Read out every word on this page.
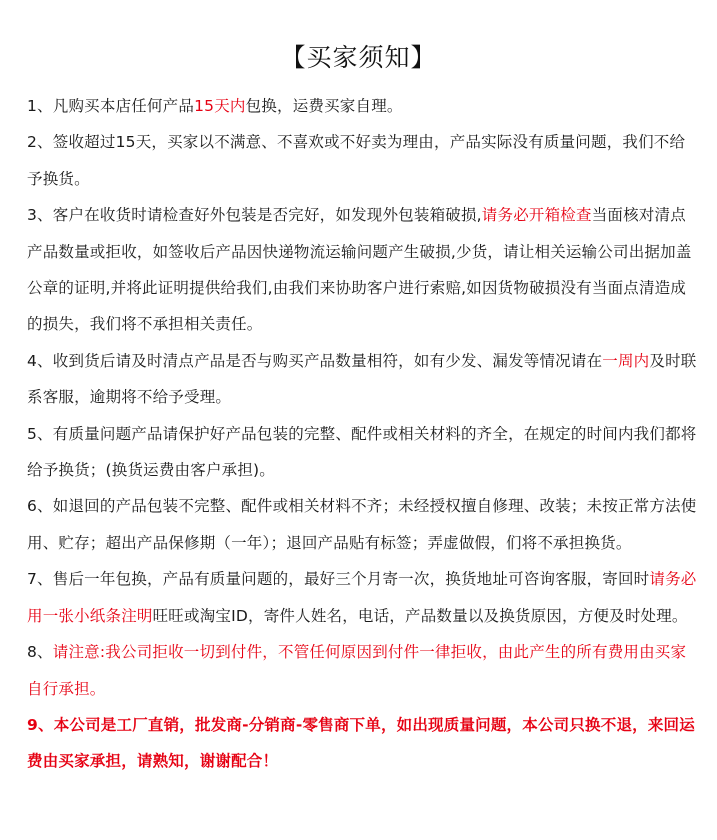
【买家须知】

1、凡购买本店任何产品15天内包换，运费买家自理。

2、签收超过15天，买家以不满意、不喜欢或不好卖为理由，产品实际没有质量问题，我们不给予换货。

3、客户在收货时请检查好外包装是否完好，如发现外包装箱破损,请务必开箱检查当面核对清点产品数量或拒收，如签收后产品因快递物流运输问题产生破损,少货，请让相关运输公司出据加盖公章的证明,并将此证明提供给我们,由我们来协助客户进行索赔,如因货物破损没有当面点清造成的损失，我们将不承担相关责任。

4、收到货后请及时清点产品是否与购买产品数量相符，如有少发、漏发等情况请在一周内及时联系客服，逾期将不给予受理。

5、有质量问题产品请保护好产品包装的完整、配件或相关材料的齐全，在规定的时间内我们都将给予换货；(换货运费由客户承担)。

6、如退回的产品包装不完整、配件或相关材料不齐；未经授权擅自修理、改装；未按正常方法使用、贮存；超出产品保修期（一年）；退回产品贴有标签；弄虚做假，们将不承担换货。

7、售后一年包换，产品有质量问题的，最好三个月寄一次，换货地址可咨询客服，寄回时请务必用一张小纸条注明旺旺或淘宝ID，寄件人姓名，电话，产品数量以及换货原因，方便及时处理。

8、请注意:我公司拒收一切到付件，不管任何原因到付件一律拒收，由此产生的所有费用由买家自行承担。

9、本公司是工厂直销，批发商-分销商-零售商下单，如出现质量问题，本公司只换不退，来回运费由买家承担，请熟知，谢谢配合！
